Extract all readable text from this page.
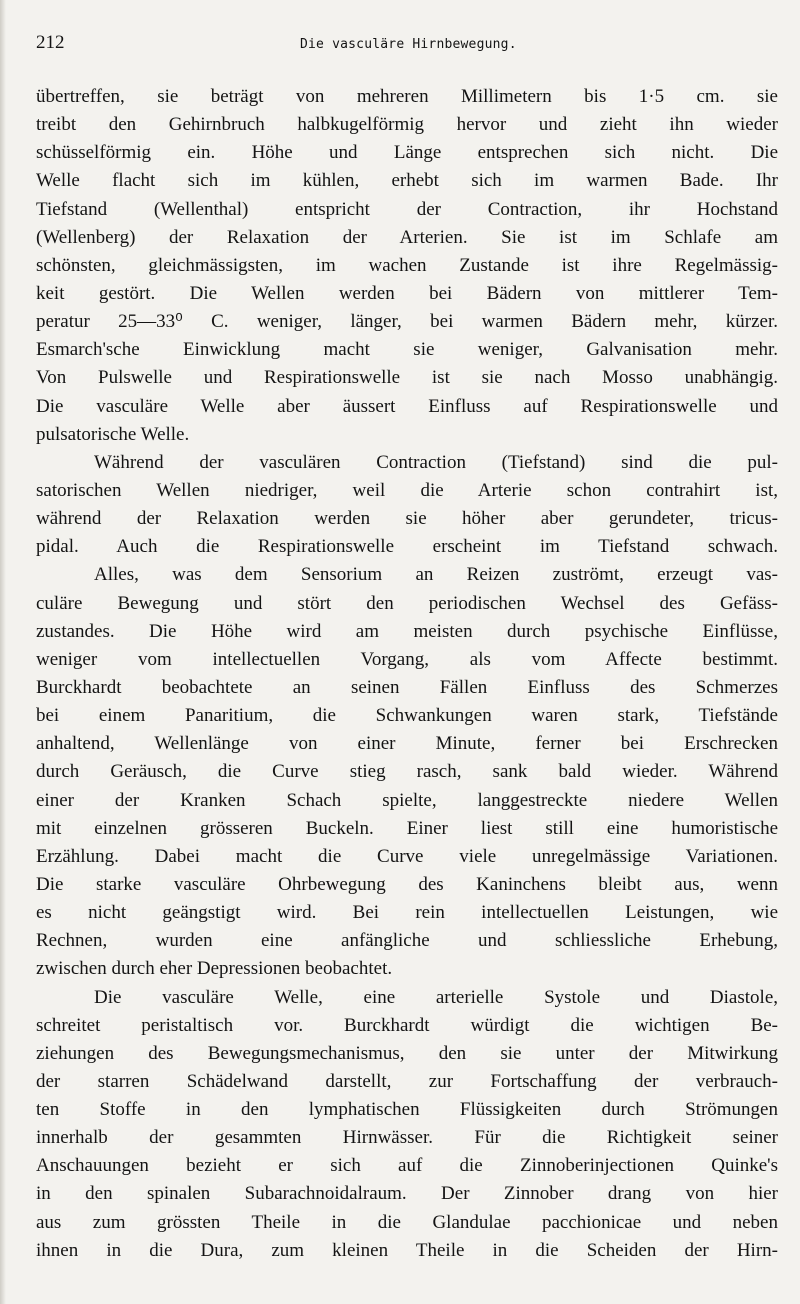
212	Die vasculäre Hirnbewegung.
übertreffen, sie beträgt von mehreren Millimetern bis 1·5 cm. sie
treibt den Gehirnbruch halbkugelförmig hervor und zieht ihn wieder
schüsselförmig ein. Höhe und Länge entsprechen sich nicht. Die
Welle flacht sich im kühlen, erhebt sich im warmen Bade. Ihr
Tiefstand (Wellenthal) entspricht der Contraction, ihr Hochstand
(Wellenberg) der Relaxation der Arterien. Sie ist im Schlafe am
schönsten, gleichmässigsten, im wachen Zustande ist ihre Regelmässig-
keit gestört. Die Wellen werden bei Bädern von mittlerer Tem-
peratur 25—33⁰ C. weniger, länger, bei warmen Bädern mehr, kürzer.
Esmarch'sche Einwicklung macht sie weniger, Galvanisation mehr.
Von Pulswelle und Respirationswelle ist sie nach Mosso unabhängig.
Die vasculäre Welle aber äussert Einfluss auf Respirationswelle und
pulsatorische Welle.
Während der vasculären Contraction (Tiefstand) sind die pul-
satorischen Wellen niedriger, weil die Arterie schon contrahirt ist,
während der Relaxation werden sie höher aber gerundeter, tricus-
pidal. Auch die Respirationswelle erscheint im Tiefstand schwach.
Alles, was dem Sensorium an Reizen zuströmt, erzeugt vas-
culäre Bewegung und stört den periodischen Wechsel des Gefäss-
zustandes. Die Höhe wird am meisten durch psychische Einflüsse,
weniger vom intellectuellen Vorgang, als vom Affecte bestimmt.
Burckhardt beobachtete an seinen Fällen Einfluss des Schmerzes
bei einem Panaritium, die Schwankungen waren stark, Tiefstände
anhaltend, Wellenlänge von einer Minute, ferner bei Erschrecken
durch Geräusch, die Curve stieg rasch, sank bald wieder. Während
einer der Kranken Schach spielte, langgestreckte niedere Wellen
mit einzelnen grösseren Buckeln. Einer liest still eine humoristische
Erzählung. Dabei macht die Curve viele unregelmässige Variationen.
Die starke vasculäre Ohrbewegung des Kaninchens bleibt aus, wenn
es nicht geängstigt wird. Bei rein intellectuellen Leistungen, wie
Rechnen, wurden eine anfängliche und schliessliche Erhebung,
zwischen durch eher Depressionen beobachtet.
Die vasculäre Welle, eine arterielle Systole und Diastole,
schreitet peristaltisch vor. Burckhardt würdigt die wichtigen Be-
ziehungen des Bewegungsmechanismus, den sie unter der Mitwirkung
der starren Schädelwand darstellt, zur Fortschaffung der verbrauch-
ten Stoffe in den lymphatischen Flüssigkeiten durch Strömungen
innerhalb der gesammten Hirnwässer. Für die Richtigkeit seiner
Anschauungen bezieht er sich auf die Zinnoberinjectionen Quinke's
in den spinalen Subarachnoidalraum. Der Zinnober drang von hier
aus zum grössten Theile in die Glandulae pacchionicae und neben
ihnen in die Dura, zum kleinen Theile in die Scheiden der Hirn-
